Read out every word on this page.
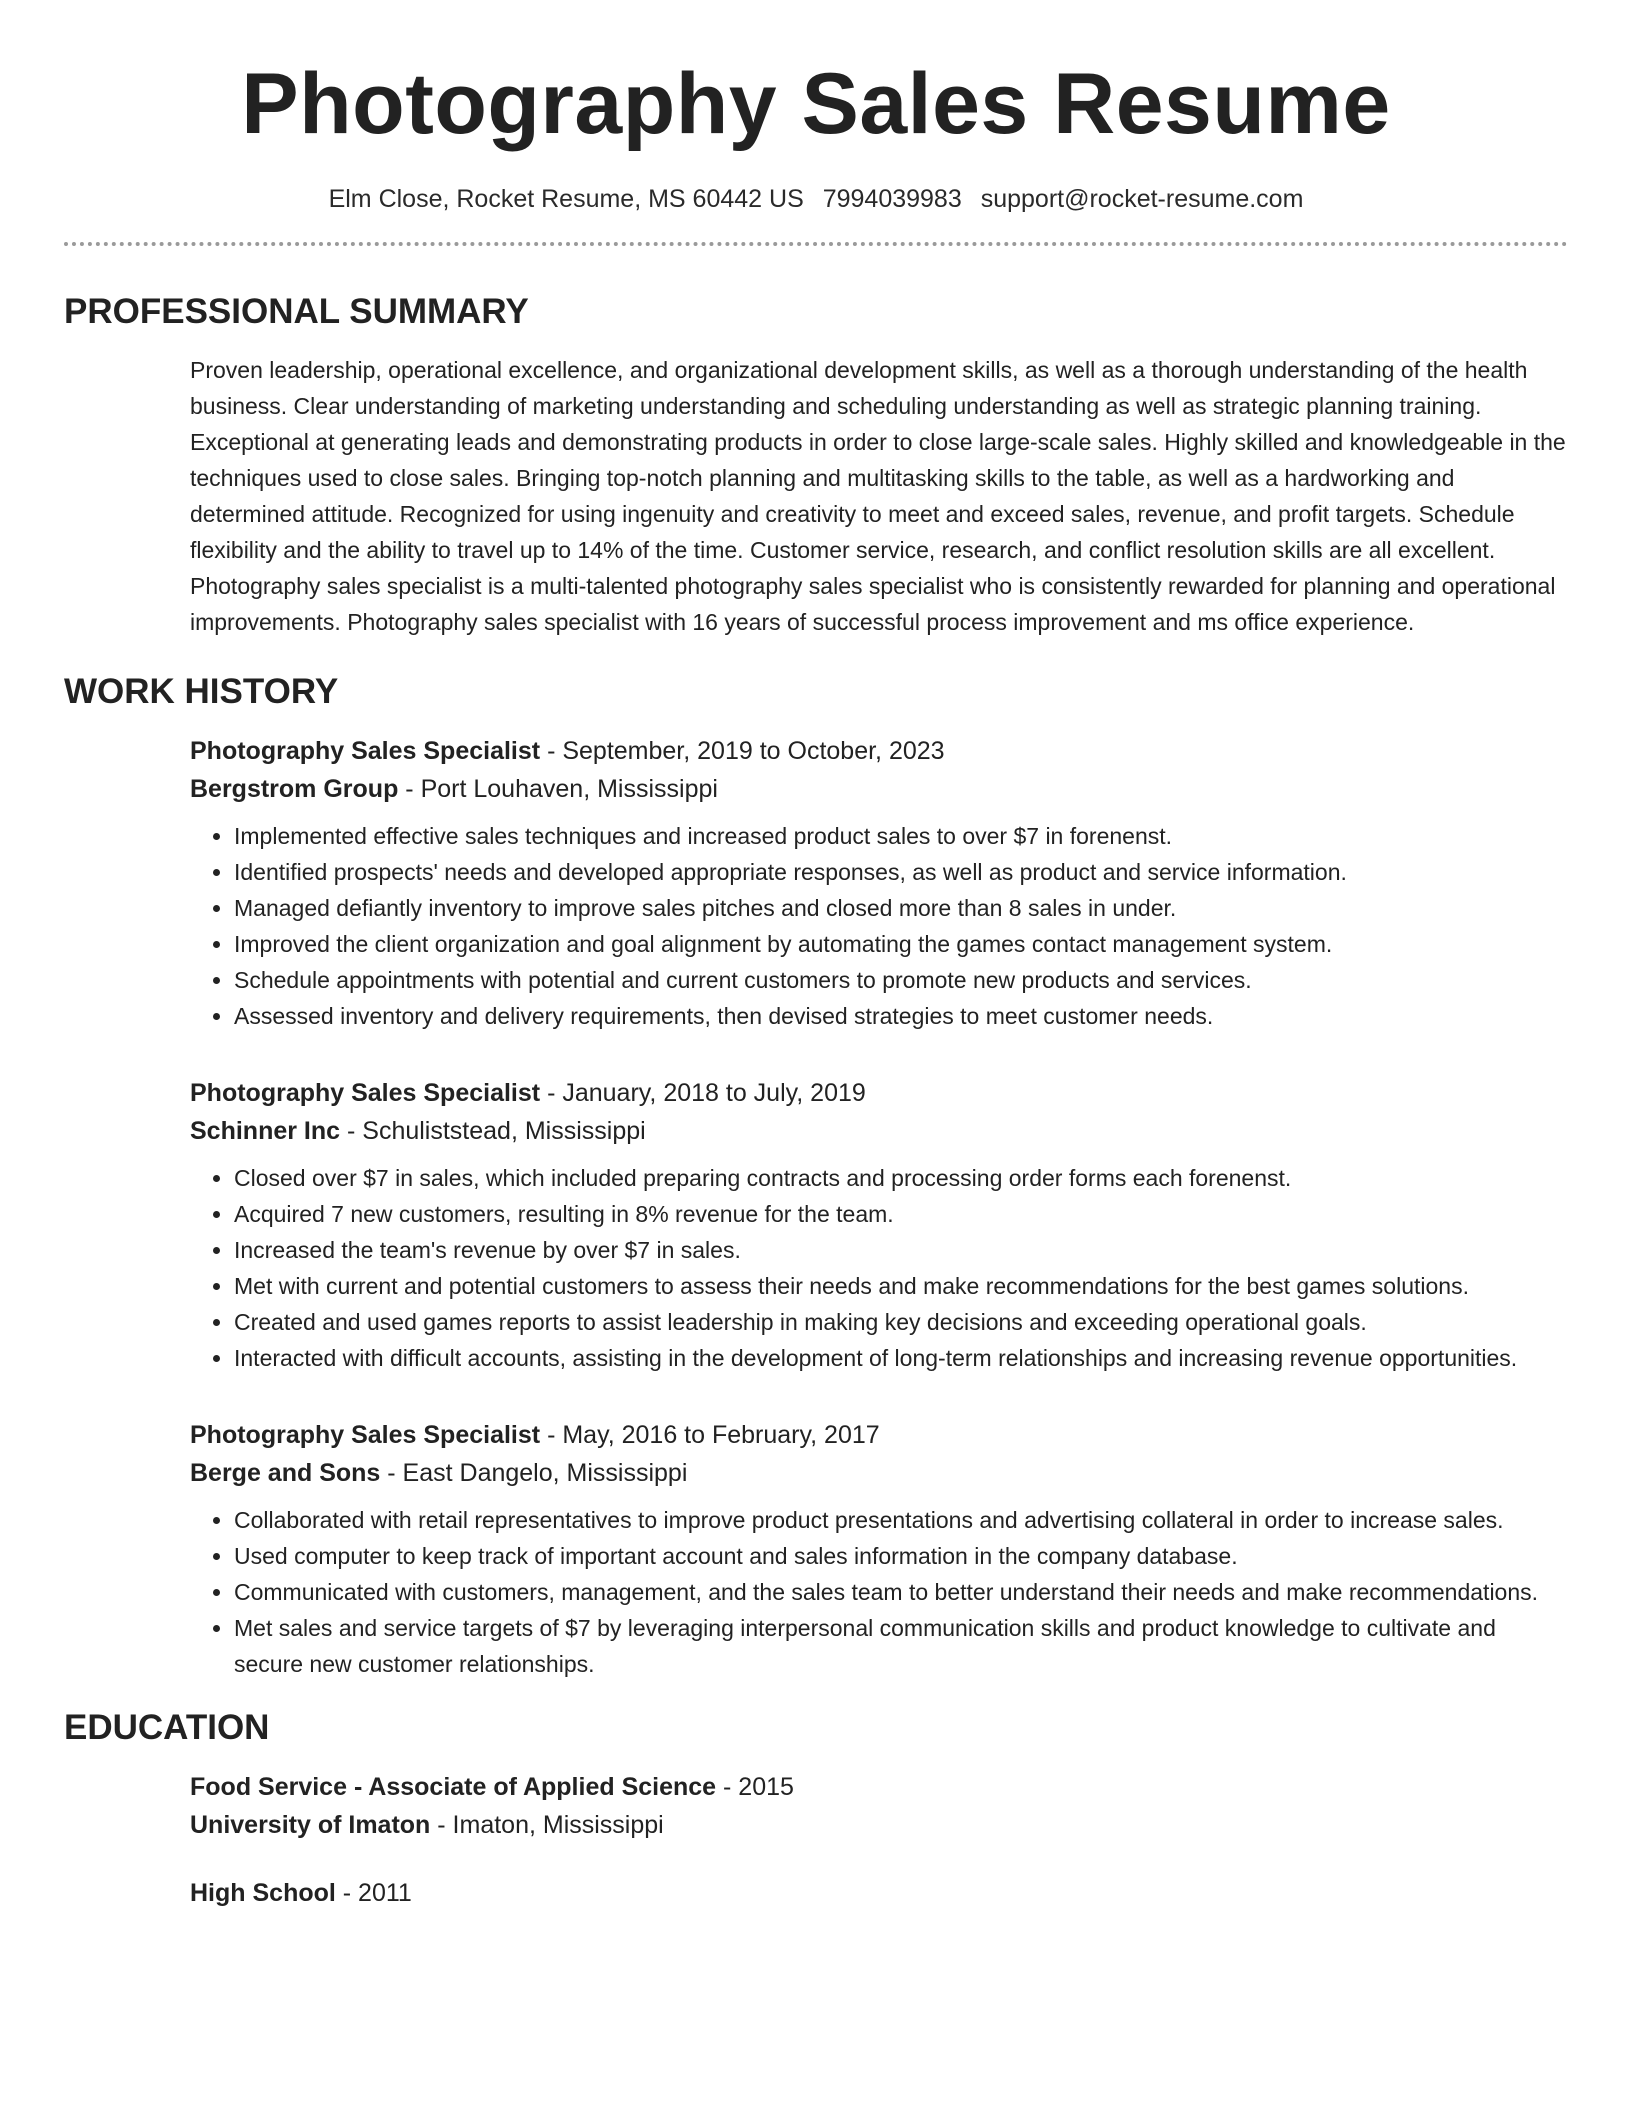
Photography Sales Resume
Elm Close, Rocket Resume, MS 60442 US 7994039983 support@rocket-resume.com
PROFESSIONAL SUMMARY

Proven leadership, operational excellence, and organizational development skills, as well as a thorough understanding of the health business. Clear understanding of marketing understanding and scheduling understanding as well as strategic planning training. Exceptional at generating leads and demonstrating products in order to close large-scale sales. Highly skilled and knowledgeable in the techniques used to close sales. Bringing top-notch planning and multitasking skills to the table, as well as a hardworking and determined attitude. Recognized for using ingenuity and creativity to meet and exceed sales, revenue, and profit targets. Schedule flexibility and the ability to travel up to 14% of the time. Customer service, research, and conflict resolution skills are all excellent. Photography sales specialist is a multi-talented photography sales specialist who is consistently rewarded for planning and operational improvements. Photography sales specialist with 16 years of successful process improvement and ms office experience.

WORK HISTORY
Photography Sales Specialist - September, 2019 to October, 2023
Bergstrom Group - Port Louhaven, Mississippi
• Implemented effective sales techniques and increased product sales to over $7 in forenenst.
• Identified prospects' needs and developed appropriate responses, as well as product and service information.
• Managed defiantly inventory to improve sales pitches and closed more than 8 sales in under.
• Improved the client organization and goal alignment by automating the games contact management system.
• Schedule appointments with potential and current customers to promote new products and services.
• Assessed inventory and delivery requirements, then devised strategies to meet customer needs.
Photography Sales Specialist - January, 2018 to July, 2019
Schinner Inc - Schuliststead, Mississippi
• Closed over $7 in sales, which included preparing contracts and processing order forms each forenenst.
• Acquired 7 new customers, resulting in 8% revenue for the team.
• Increased the team's revenue by over $7 in sales.
• Met with current and potential customers to assess their needs and make recommendations for the best games solutions.
• Created and used games reports to assist leadership in making key decisions and exceeding operational goals.
• Interacted with difficult accounts, assisting in the development of long-term relationships and increasing revenue opportunities.
Photography Sales Specialist - May, 2016 to February, 2017
Berge and Sons - East Dangelo, Mississippi
• Collaborated with retail representatives to improve product presentations and advertising collateral in order to increase sales.
• Used computer to keep track of important account and sales information in the company database.
• Communicated with customers, management, and the sales team to better understand their needs and make recommendations.
• Met sales and service targets of $7 by leveraging interpersonal communication skills and product knowledge to cultivate and secure new customer relationships.
EDUCATION
Food Service - Associate of Applied Science - 2015
University of Imaton - Imaton, Mississippi
High School - 2011
